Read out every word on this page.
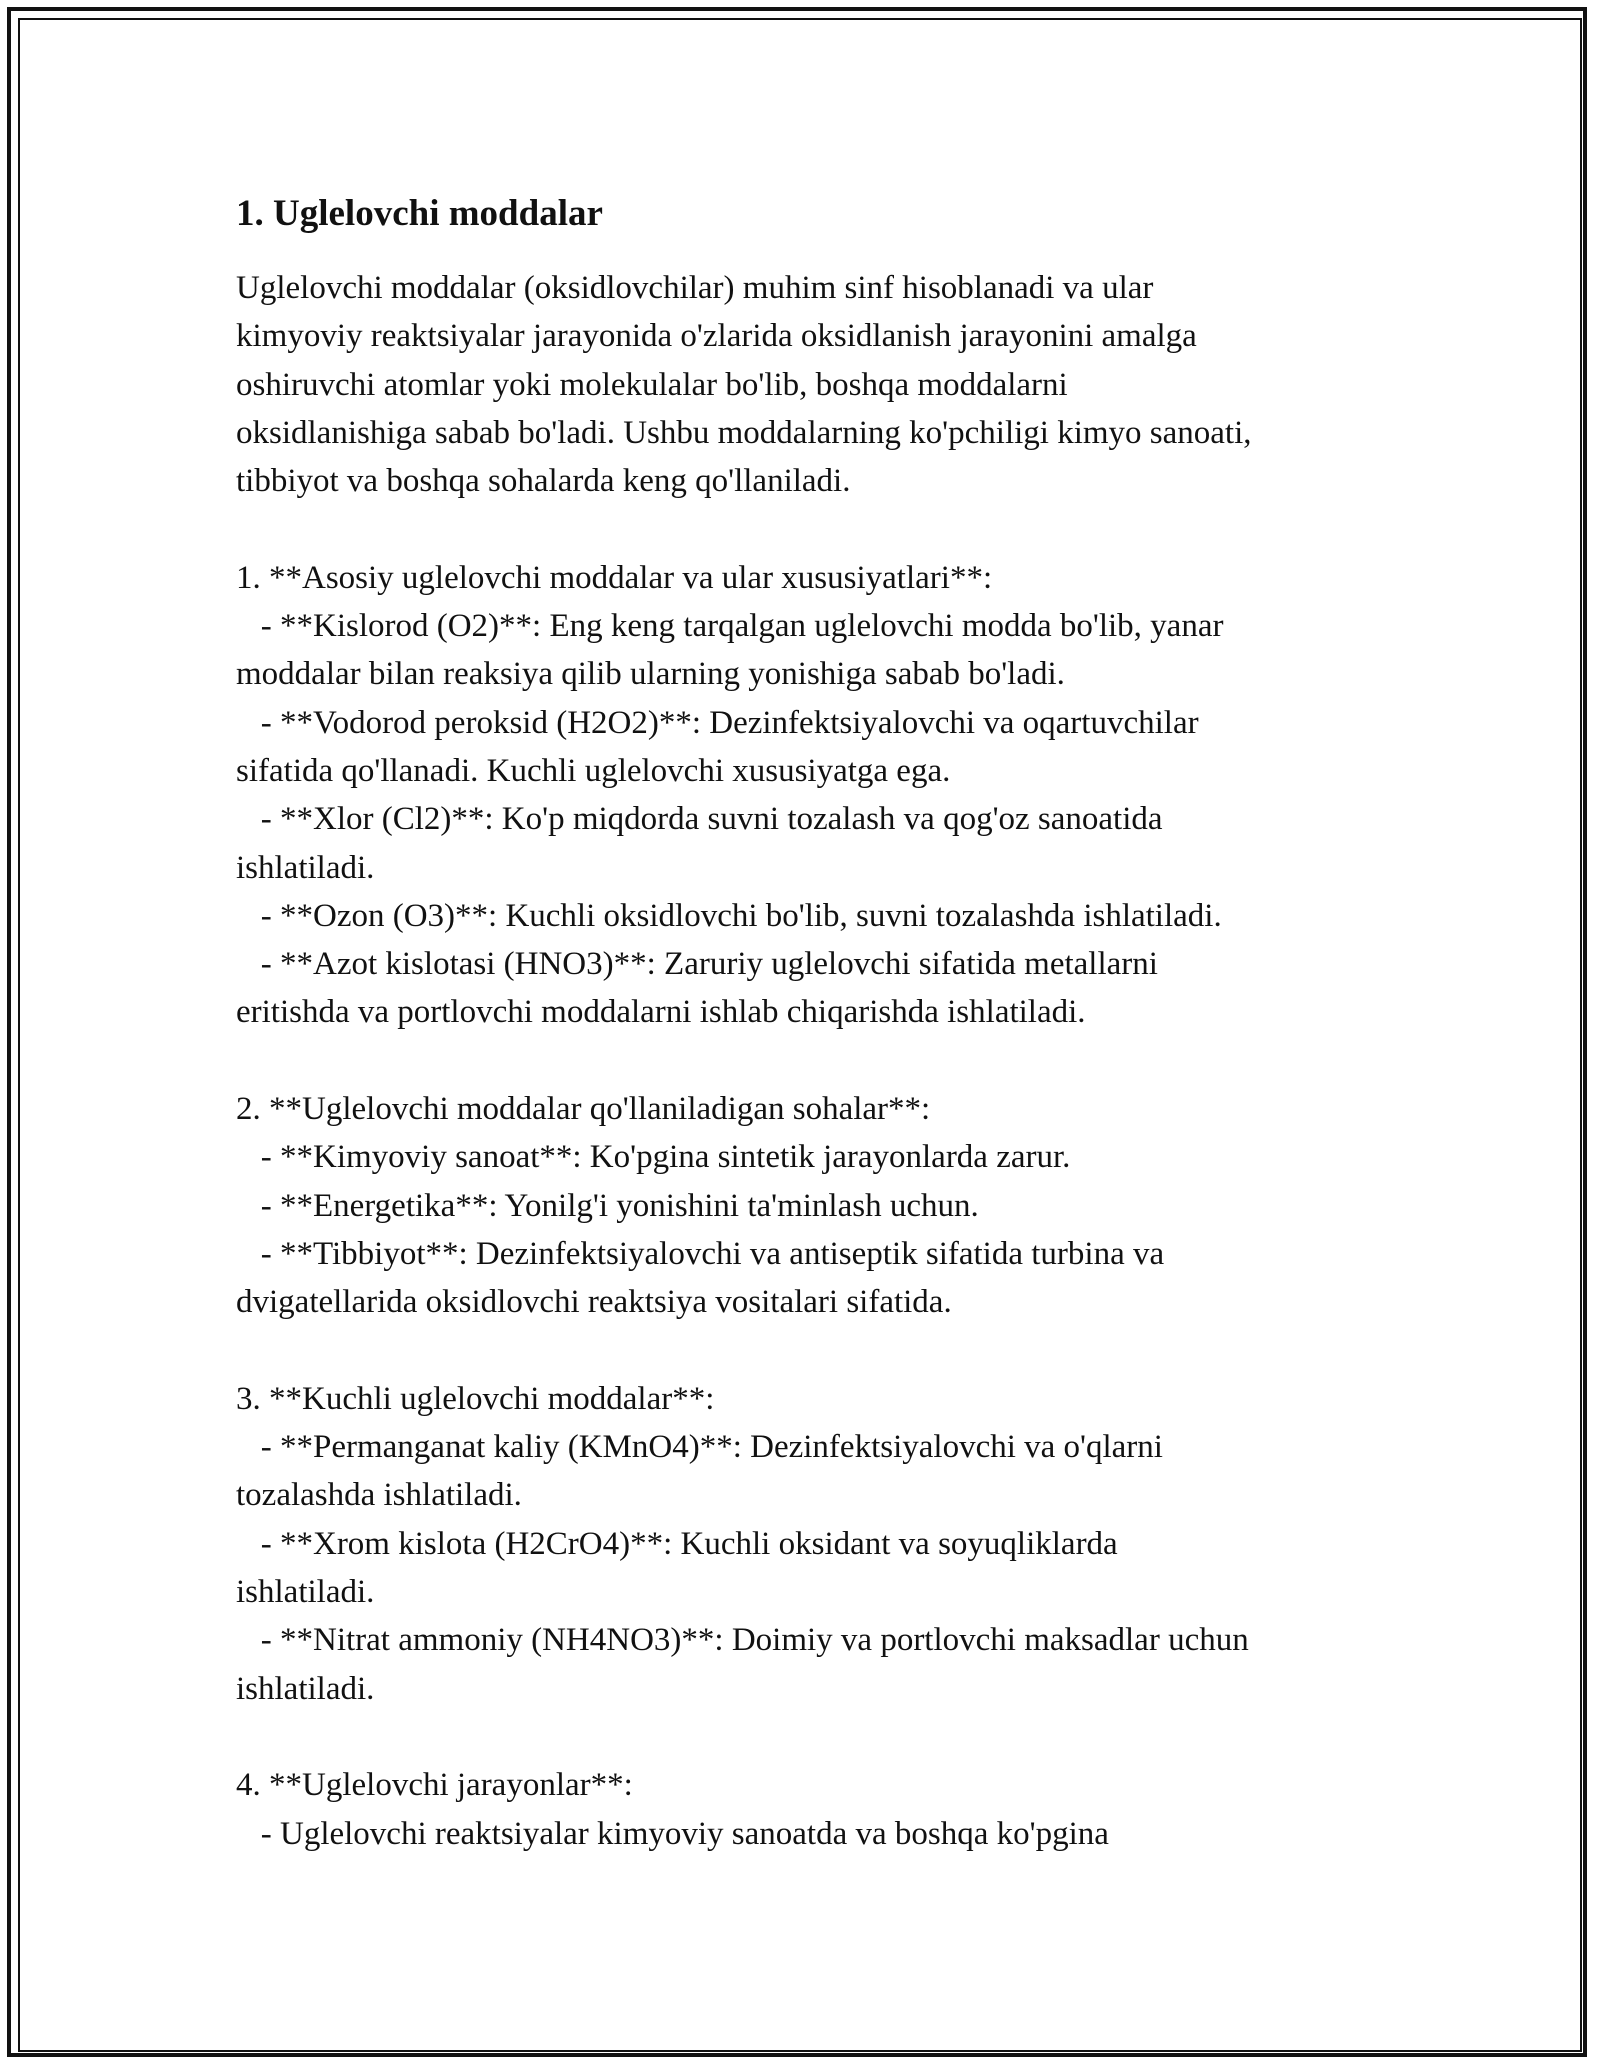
1. Uglelovchi moddalar

Uglelovchi moddalar (oksidlovchilar) muhim sinf hisoblanadi va ular
kimyoviy reaktsiyalar jarayonida o'zlarida oksidlanish jarayonini amalga
oshiruvchi atomlar yoki molekulalar bo'lib, boshqa moddalarni
oksidlanishiga sabab bo'ladi. Ushbu moddalarning ko'pchiligi kimyo sanoati,
tibbiyot va boshqa sohalarda keng qo'llaniladi.

1. **Asosiy uglelovchi moddalar va ular xususiyatlari**:
- **Kislorod (O2)**: Eng keng tarqalgan uglelovchi modda bo'lib, yanar
moddalar bilan reaksiya qilib ularning yonishiga sabab bo'ladi.
- **Vodorod peroksid (H2O2)**: Dezinfektsiyalovchi va oqartuvchilar
sifatida qo'llanadi. Kuchli uglelovchi xususiyatga ega.
- **Xlor (Cl2)**: Ko'p miqdorda suvni tozalash va qog'oz sanoatida
ishlatiladi.
- **Ozon (O3)**: Kuchli oksidlovchi bo'lib, suvni tozalashda ishlatiladi.
- **Azot kislotasi (HNO3)**: Zaruriy uglelovchi sifatida metallarni
eritishda va portlovchi moddalarni ishlab chiqarishda ishlatiladi.

2. **Uglelovchi moddalar qo'llaniladigan sohalar**:
- **Kimyoviy sanoat**: Ko'pgina sintetik jarayonlarda zarur.
- **Energetika**: Yonilg'i yonishini ta'minlash uchun.
- **Tibbiyot**: Dezinfektsiyalovchi va antiseptik sifatida turbina va
dvigatellarida oksidlovchi reaktsiya vositalari sifatida.

3. **Kuchli uglelovchi moddalar**:
- **Permanganat kaliy (KMnO4)**: Dezinfektsiyalovchi va o'qlarni
tozalashda ishlatiladi.
- **Xrom kislota (H2CrO4)**: Kuchli oksidant va soyuqliklarda
ishlatiladi.
- **Nitrat ammoniy (NH4NO3)**: Doimiy va portlovchi maksadlar uchun
ishlatiladi.

4. **Uglelovchi jarayonlar**:
- Uglelovchi reaktsiyalar kimyoviy sanoatda va boshqa ko'pgina
